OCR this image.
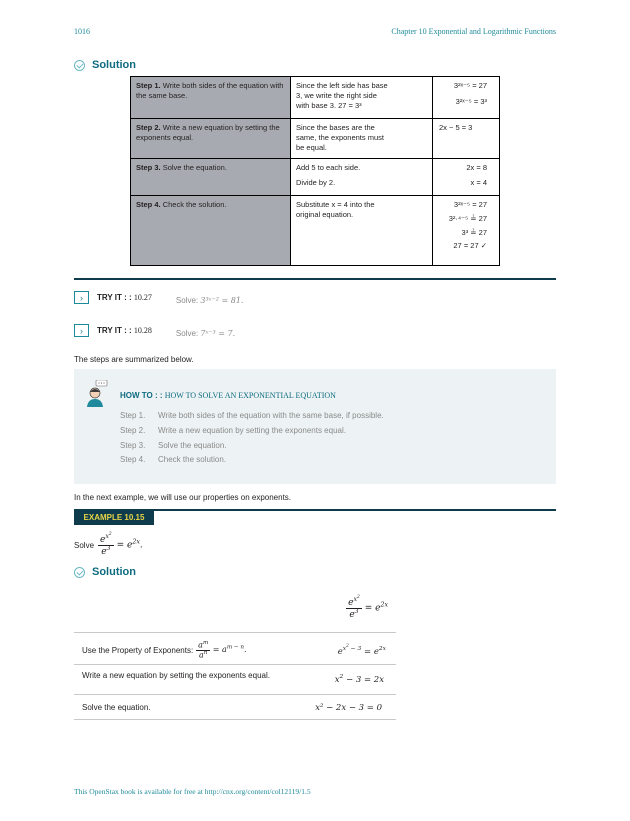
1016	Chapter 10 Exponential and Logarithmic Functions
Solution
Step 1. Write both sides of the equation with the same base.	Since the left side has base
3, we write the right side
with base 3. 27 = 3³	3²ˣ⁻⁵ = 27
3²ˣ⁻⁵ = 3³

Step 2. Write a new equation by setting the exponents equal.	Since the bases are the
same, the exponents must
be equal.	2x − 5 = 3

Step 3. Solve the equation.	Add 5 to each side.
Divide by 2.	2x = 8
x = 4

Step 4. Check the solution.	Substitute x = 4 into the
original equation.	3²ˣ⁻⁵ = 27
3²·⁴⁻⁵ ≟ 27
3³ ≟ 27
27 = 27 ✓
›	TRY IT : : 10.27	Solve: 3³ˣ⁻² = 81.
›	TRY IT : : 10.28	Solve: 7ˣ⁻³ = 7.
The steps are summarized below.
HOW TO : : HOW TO SOLVE AN EXPONENTIAL EQUATION
Step 1. Write both sides of the equation with the same base, if possible.
Step 2. Write a new equation by setting the exponents equal.
Step 3. Solve the equation.
Step 4. Check the solution.
In the next example, we will use our properties on exponents.
EXAMPLE 10.15
Solve $\frac{e^{x^2}}{e^3} = e^{2x}$.
Solution
$\frac{e^{x^2}}{e^3} = e^{2x}$
Use the Property of Exponents: $\frac{a^m}{a^n} = a^{m - n}$.	$e^{x^2 - 3} = e^{2x}$
Write a new equation by setting the exponents equal.	$x^2 - 3 = 2x$
Solve the equation.	x² − 2x − 3 = 0
This OpenStax book is available for free at http://cnx.org/content/col12119/1.5
